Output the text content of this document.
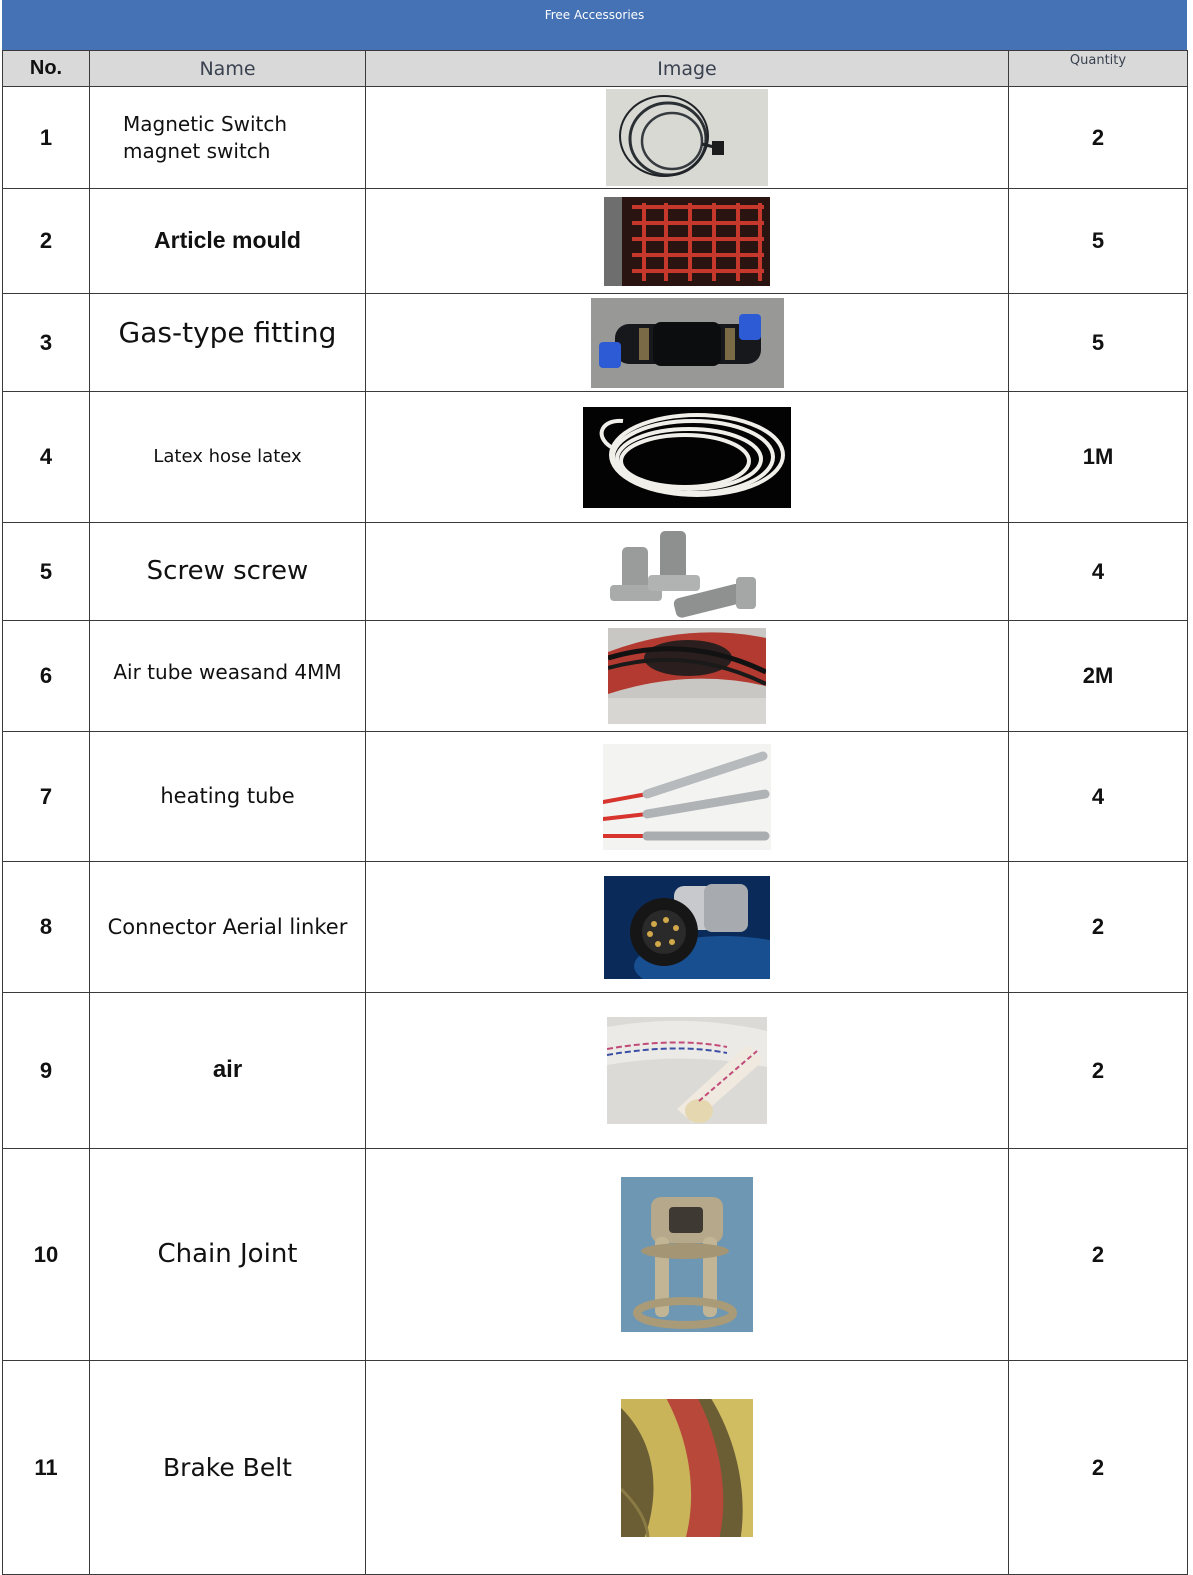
Free Accessories
No.	Name	Image	Quantity
1	Magnetic Switch
magnet switch		2
2	Article mould		5
3	Gas-type fitting		5
4	Latex hose latex		1M
5	Screw screw		4
6	Air tube weasand 4MM		2M
7	heating tube		4
8	Connector Aerial linker		2
9	air		2
10	Chain Joint		2
11	Brake Belt		2
